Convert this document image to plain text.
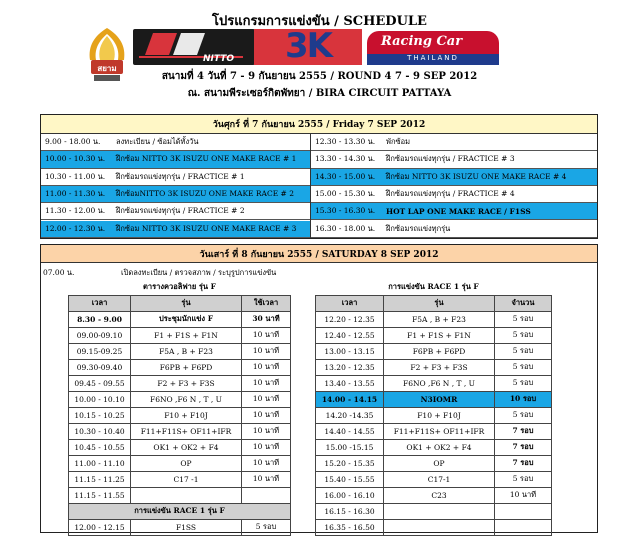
โปรแกรมการแข่งขัน / SCHEDULE
สยาม
NITTO	3K	Racing Car
THAILAND
สนามที่ 4 วันที่ 7 - 9 กันยายน 2555 / ROUND 4 7 - 9 SEP 2012
ณ. สนามพีระเซอร์กิตพัทยา / BIRA CIRCUIT PATTAYA
วันศุกร์ ที่ 7 กันยายน 2555 / Friday 7 SEP 2012
9.00 - 18.00 น.	ลงทะเบียน / ซ้อมได้ทั้งวัน
10.00 - 10.30 น.	ฝึกซ้อม NITTO 3K ISUZU ONE MAKE RACE # 1
10.30 - 11.00 น.	ฝึกซ้อมรถแข่งทุกรุ่น / FRACTICE # 1
11.00 - 11.30 น.	ฝึกซ้อมNITTO 3K ISUZU ONE MAKE RACE # 2
11.30 - 12.00 น.	ฝึกซ้อมรถแข่งทุกรุ่น / FRACTICE # 2
12.00 - 12.30 น.	ฝึกซ้อม NITTO 3K ISUZU ONE MAKE RACE # 3
12.30 - 13.30 น.	พักซ้อม
13.30 - 14.30 น.	ฝึกซ้อมรถแข่งทุกรุ่น / FRACTICE # 3
14.30 - 15.00 น.	ฝึกซ้อม NITTO 3K ISUZU ONE MAKE RACE # 4
15.00 - 15.30 น.	ฝึกซ้อมรถแข่งทุกรุ่น / FRACTICE # 4
15.30 - 16.30 น.	HOT LAP ONE MAKE RACE / F1SS
16.30 - 18.00 น.	ฝึกซ้อมรถแข่งทุกรุ่น
วันเสาร์ ที่ 8 กันยายน 2555 / SATURDAY 8 SEP 2012
07.00 น.	เปิดลงทะเบียน / ตรวจสภาพ / ระบุรูปการแข่งขัน
ตารางควอลิฟาย รุ่น F		
เวลา	รุ่น	ใช้เวลา
8.30 - 9.00	ประชุมนักแข่ง F	30 นาที
09.00-09.10	F1 + F1S + F1N	10 นาที
09.15-09.25	F5A , B + F23	10 นาที
09.30-09.40	F6PB + F6PD	10 นาที
09.45 - 09.55	F2 + F3 + F3S	10 นาที
10.00 - 10.10	F6NO ,F6 N , T , U	10 นาที
10.15 - 10.25	F10 + F10J	10 นาที
10.30 - 10.40	F11+F11S+ OF11+IFR	10 นาที
10.45 - 10.55	OK1 + OK2 + F4	10 นาที
11.00 - 11.10	OP	10 นาที
11.15 - 11.25	C17 -1	10 นาที
11.15 - 11.55		
การแข่งขัน RACE 1 รุ่น F		
12.00 - 12.15	F1SS	5 รอบ
การแข่งขัน RACE 1 รุ่น F		
เวลา	รุ่น	จำนวน
12.20 - 12.35	F5A , B + F23	5 รอบ
12.40 - 12.55	F1 + F1S + F1N	5 รอบ
13.00 - 13.15	F6PB + F6PD	5 รอบ
13.20 - 12.35	F2 + F3 + F3S	5 รอบ
13.40 - 13.55	F6NO ,F6 N , T , U	5 รอบ
14.00 - 14.15	N3IOMR	10 รอบ
14.20 -14.35	F10 + F10J	5 รอบ
14.40 - 14.55	F11+F11S+ OF11+IFR	7 รอบ
15.00 -15.15	OK1 + OK2 + F4	7 รอบ
15.20 - 15.35	OP	7 รอบ
15.40 - 15.55	C17-1	5 รอบ
16.00 - 16.10	C23	10 นาที
16.15 - 16.30		
16.35 - 16.50		
